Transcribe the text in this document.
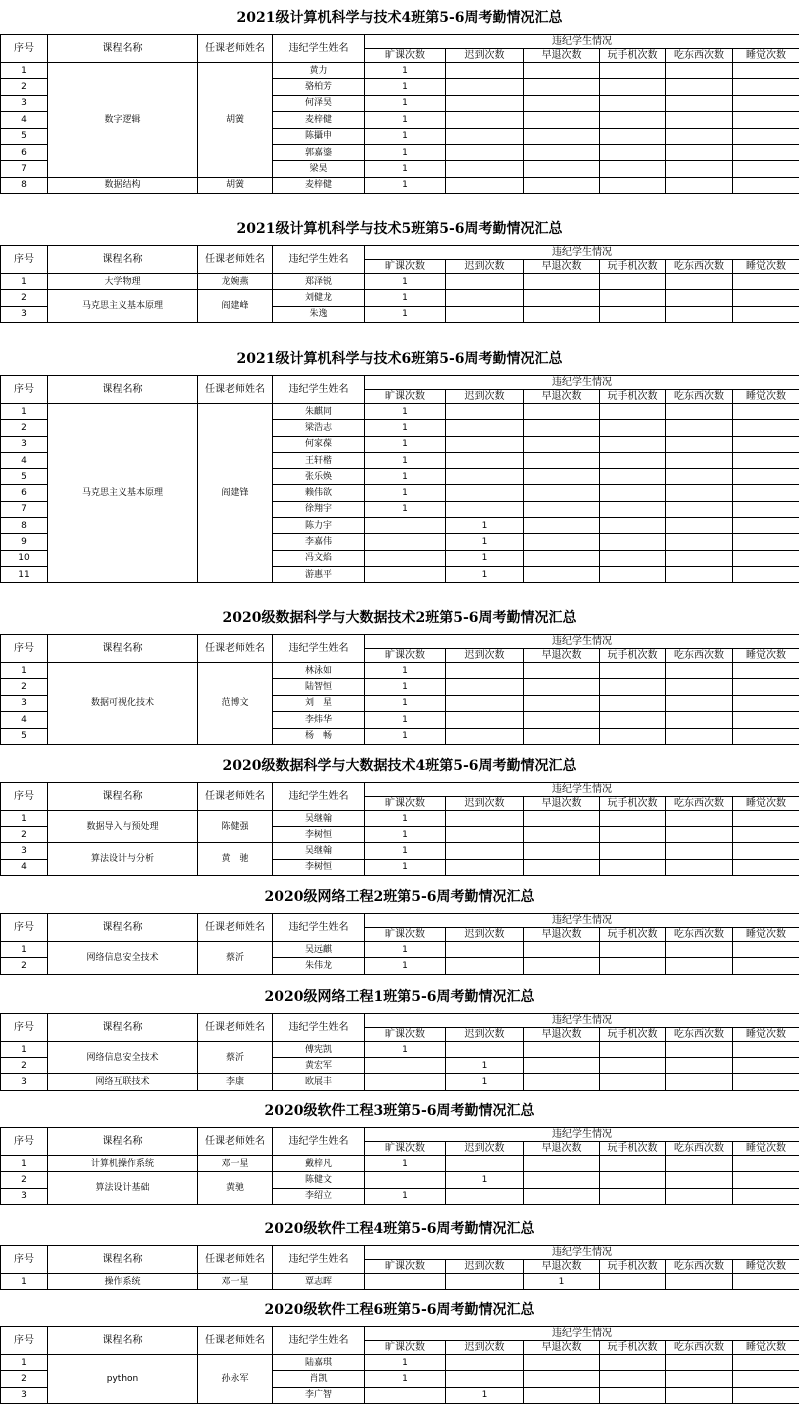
2021级计算机科学与技术4班第5-6周考勤情况汇总
序号	课程名称	任课老师姓名	违纪学生姓名	违纪学生情况					
				旷课次数	迟到次数	早退次数	玩手机次数	吃东西次数	睡觉次数
1	数字逻辑	胡黉	黄力	1					
2			骆柏芳	1					
3			何泽昊	1					
4			麦梓健	1					
5			陈攝申	1					
6			郭嘉鎏	1					
7			梁昊	1					
8	数据结构	胡黉	麦梓健	1					
2021级计算机科学与技术5班第5-6周考勤情况汇总
序号	课程名称	任课老师姓名	违纪学生姓名	违纪学生情况					
				旷课次数	迟到次数	早退次数	玩手机次数	吃东西次数	睡觉次数
1	大学物理	龙婉燕	郑泽锐	1					
2	马克思主义基本原理	阎建峰	刘健龙	1					
3			朱逸	1					
2021级计算机科学与技术6班第5-6周考勤情况汇总
序号	课程名称	任课老师姓名	违纪学生姓名	违纪学生情况					
				旷课次数	迟到次数	早退次数	玩手机次数	吃东西次数	睡觉次数
1	马克思主义基本原理	阎建锋	朱麒同	1					
2			梁浩志	1					
3			何家葆	1					
4			王轩楷	1					
5			张乐焕	1					
6			赖伟欲	1					
7			徐翔宇	1					
8			陈力宇		1				
9			李嘉伟		1				
10			冯文焰		1				
11			游惠平		1				
2020级数据科学与大数据技术2班第5-6周考勤情况汇总
序号	课程名称	任课老师姓名	违纪学生姓名	违纪学生情况					
				旷课次数	迟到次数	早退次数	玩手机次数	吃东西次数	睡觉次数
1	数据可视化技术	范博文	林泳如	1					
2			陆智恒	1					
3			刘　星	1					
4			李炜华	1					
5			杨　畅	1					
2020级数据科学与大数据技术4班第5-6周考勤情况汇总
序号	课程名称	任课老师姓名	违纪学生姓名	违纪学生情况					
				旷课次数	迟到次数	早退次数	玩手机次数	吃东西次数	睡觉次数
1	数据导入与预处理	陈健强	吴继翰	1					
2			李树恒	1					
3	算法设计与分析	黄　驰	吴继翰	1					
4			李树恒	1					
2020级网络工程2班第5-6周考勤情况汇总
序号	课程名称	任课老师姓名	违纪学生姓名	违纪学生情况					
				旷课次数	迟到次数	早退次数	玩手机次数	吃东西次数	睡觉次数
1	网络信息安全技术	蔡沂	吴远麒	1					
2			朱伟龙	1					
2020级网络工程1班第5-6周考勤情况汇总
序号	课程名称	任课老师姓名	违纪学生姓名	违纪学生情况					
				旷课次数	迟到次数	早退次数	玩手机次数	吃东西次数	睡觉次数
1	网络信息安全技术	蔡沂	傅宪凯	1					
2			黄宏军		1				
3	网络互联技术	李康	欧展丰		1				
2020级软件工程3班第5-6周考勤情况汇总
序号	课程名称	任课老师姓名	违纪学生姓名	违纪学生情况					
				旷课次数	迟到次数	早退次数	玩手机次数	吃东西次数	睡觉次数
1	计算机操作系统	邓一星	戴梓凡	1					
2	算法设计基础	黄驰	陈健文		1				
3			李绍立	1					
2020级软件工程4班第5-6周考勤情况汇总
序号	课程名称	任课老师姓名	违纪学生姓名	违纪学生情况					
				旷课次数	迟到次数	早退次数	玩手机次数	吃东西次数	睡觉次数
1	操作系统	邓一星	覃志晖			1			
2020级软件工程6班第5-6周考勤情况汇总
序号	课程名称	任课老师姓名	违纪学生姓名	违纪学生情况					
				旷课次数	迟到次数	早退次数	玩手机次数	吃东西次数	睡觉次数
1	python	孙永军	陆嘉琪	1					
2			肖凯	1					
3			李广智		1				
